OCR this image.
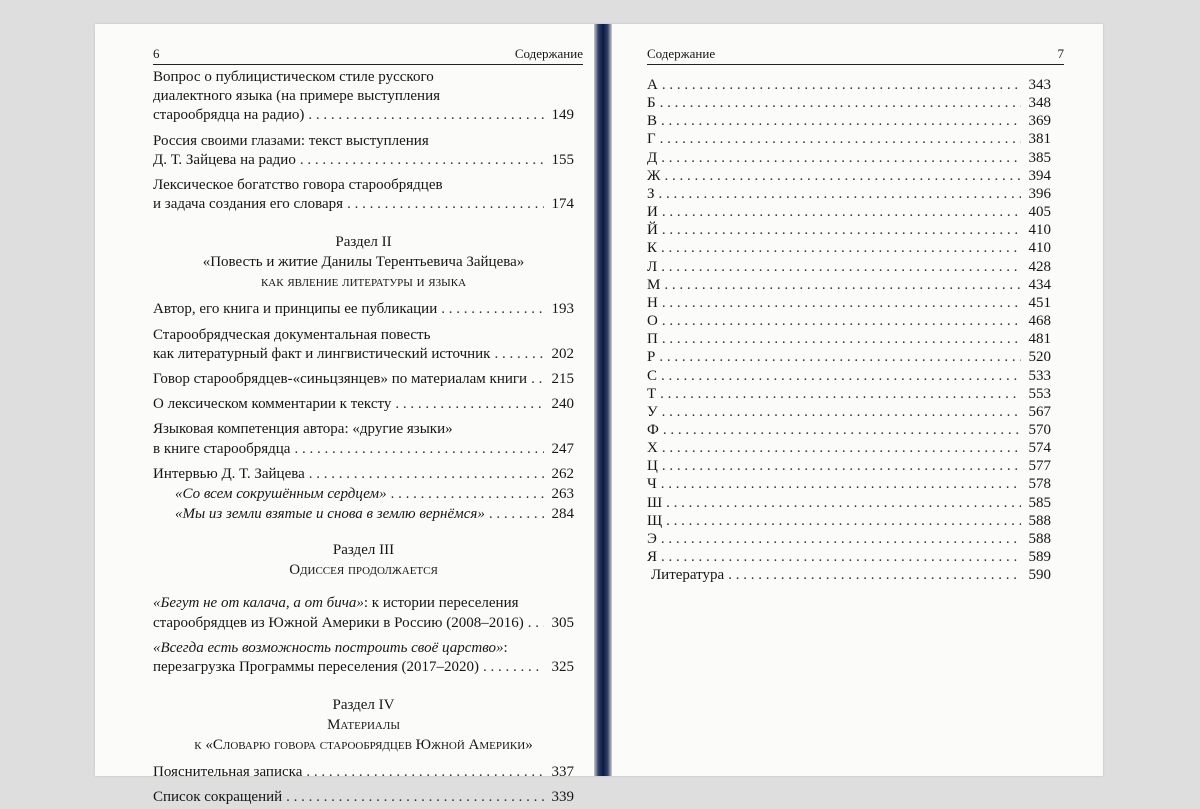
6	Содержание
Вопрос о публицистическом стиле русского
диалектного языка (на примере выступления
старообрядца на радио) . . .	149
Россия своими глазами: текст выступления
Д. Т. Зайцева на радио . . .	155
Лексическое богатство говора старообрядцев
и задача создания его словаря . . .	174
Раздел II
«Повесть и житие Данилы Терентьевича Зайцева»
как явление литературы и языка
Автор, его книга и принципы ее публикации . . .	193
Старообрядческая документальная повесть
как литературный факт и лингвистический источник . . .	202
Говор старообрядцев-«синьцзянцев» по материалам книги . . . 215
О лексическом комментарии к тексту . . .	240
Языковая компетенция автора: «другие языки»
в книге старообрядца . . .	247
Интервью Д. Т. Зайцева . . .	262
«Со всем сокрушённым сердцем» . . .	263
«Мы из земли взятые и снова в землю вернёмся» . . .	284
Раздел III
Одиссея продолжается
«Бегут не от калача, а от бича»: к истории переселения
старообрядцев из Южной Америки в Россию (2008–2016) . . . 305
«Всегда есть возможность построить своё царство»:
перезагрузка Программы переселения (2017–2020) . . .	325
Раздел IV
Материалы
к «Словарю говора старообрядцев Южной Америки»
Пояснительная записка . . .	337
Список сокращений . . .	339
Содержание	7
А . . .	343
Б . . .	348
В . . .	369
Г . . .	381
Д . . .	385
Ж . . .	394
З . . .	396
И . . .	405
Й . . .	410
К . . .	410
Л . . .	428
М . . .	434
Н . . .	451
О . . .	468
П . . .	481
Р . . .	520
С . . .	533
Т . . .	553
У . . .	567
Ф . . .	570
Х . . .	574
Ц . . .	577
Ч . . .	578
Ш . . .	585
Щ . . .	588
Э . . .	588
Я . . .	589
Литература . . .	590
